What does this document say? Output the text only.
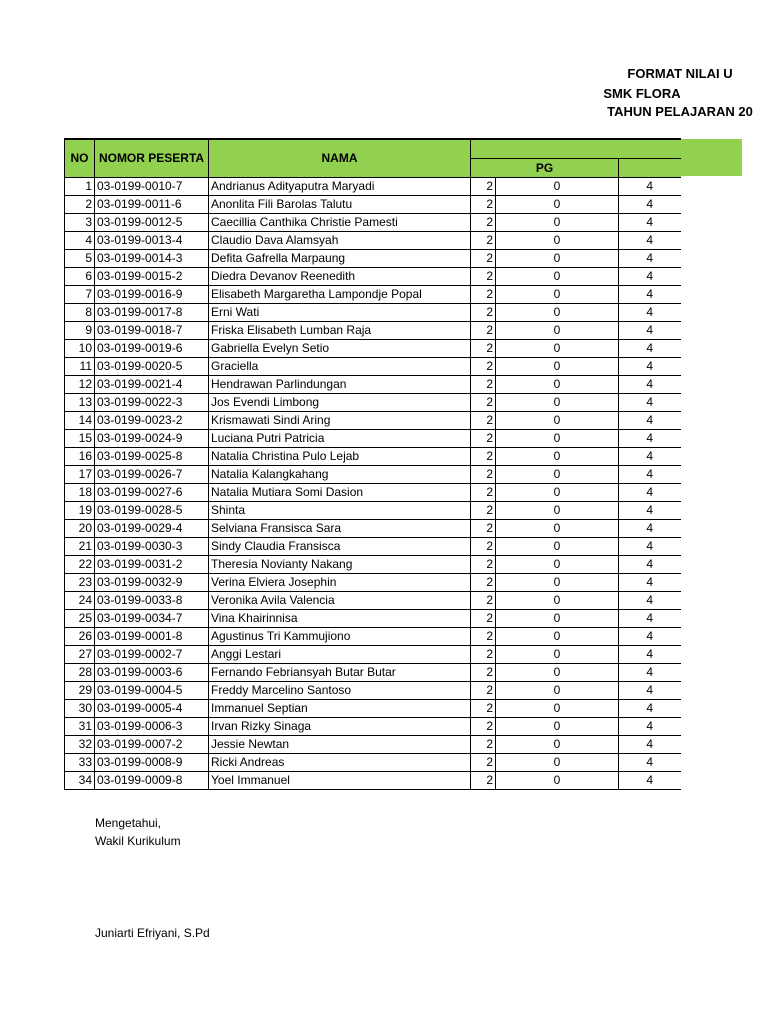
FORMAT NILAI U
SMK FLORA
TAHUN PELAJARAN 20
NO	NOMOR PESERTA	NAMA			
			PG		
1	03-0199-0010-7	Andrianus Adityaputra Maryadi	2	0	4
2	03-0199-0011-6	Anonlita Fili Barolas Talutu	2	0	4
3	03-0199-0012-5	Caecillia Canthika Christie Pamesti	2	0	4
4	03-0199-0013-4	Claudio Dava Alamsyah	2	0	4
5	03-0199-0014-3	Defita Gafrella Marpaung	2	0	4
6	03-0199-0015-2	Diedra Devanov Reenedith	2	0	4
7	03-0199-0016-9	Elisabeth Margaretha Lampondje Popal	2	0	4
8	03-0199-0017-8	Erni Wati	2	0	4
9	03-0199-0018-7	Friska Elisabeth Lumban Raja	2	0	4
10	03-0199-0019-6	Gabriella Evelyn Setio	2	0	4
11	03-0199-0020-5	Graciella	2	0	4
12	03-0199-0021-4	Hendrawan Parlindungan	2	0	4
13	03-0199-0022-3	Jos Evendi Limbong	2	0	4
14	03-0199-0023-2	Krismawati Sindi Aring	2	0	4
15	03-0199-0024-9	Luciana Putri Patricia	2	0	4
16	03-0199-0025-8	Natalia Christina Pulo Lejab	2	0	4
17	03-0199-0026-7	Natalia Kalangkahang	2	0	4
18	03-0199-0027-6	Natalia Mutiara Somi Dasion	2	0	4
19	03-0199-0028-5	Shinta	2	0	4
20	03-0199-0029-4	Selviana Fransisca Sara	2	0	4
21	03-0199-0030-3	Sindy Claudia Fransisca	2	0	4
22	03-0199-0031-2	Theresia Novianty Nakang	2	0	4
23	03-0199-0032-9	Verina Elviera Josephin	2	0	4
24	03-0199-0033-8	Veronika Avila Valencia	2	0	4
25	03-0199-0034-7	Vina Khairinnisa	2	0	4
26	03-0199-0001-8	Agustinus Tri Kammujiono	2	0	4
27	03-0199-0002-7	Anggi Lestari	2	0	4
28	03-0199-0003-6	Fernando Febriansyah Butar Butar	2	0	4
29	03-0199-0004-5	Freddy Marcelino Santoso	2	0	4
30	03-0199-0005-4	Immanuel Septian	2	0	4
31	03-0199-0006-3	Irvan Rizky Sinaga	2	0	4
32	03-0199-0007-2	Jessie Newtan	2	0	4
33	03-0199-0008-9	Ricki Andreas	2	0	4
34	03-0199-0009-8	Yoel Immanuel	2	0	4
Mengetahui,
Wakil Kurikulum
Juniarti Efriyani, S.Pd
